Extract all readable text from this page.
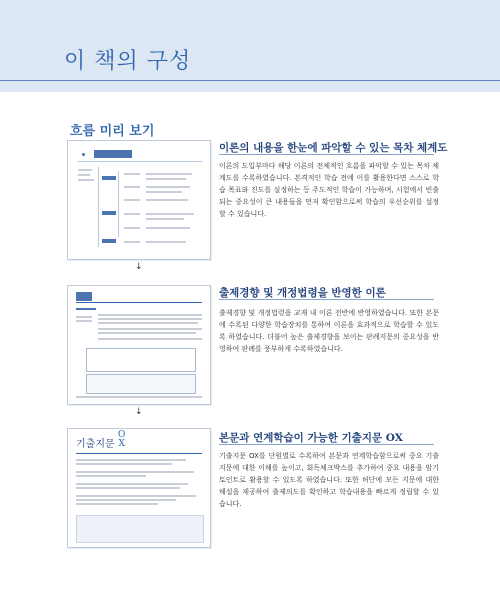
이 책의 구성
흐름 미리 보기
↓
↓
기출지문
O
X
이론의 내용을 한눈에 파악할 수 있는 목차 체계도
이론의 도입부마다 해당 이론의 전체적인 흐름을 파악할 수 있는 목차 체계도를 수록하였습니다. 본격적인 학습 전에 이를 활용한다면 스스로 학습 목표와 진도를 설정하는 등 주도적인 학습이 가능하며, 시험에서 빈출되는 중요성이 큰 내용들을 먼저 확인함으로써 학습의 우선순위를 설정할 수 있습니다.
출제경향 및 개정법령을 반영한 이론
출제경향 및 개정법령을 교재 내 이론 전반에 반영하였습니다. 또한 본문에 수록된 다양한 학습장치를 통하여 이론을 효과적으로 학습할 수 있도록 하였습니다. 더불어 높은 출제경향을 보이는 판례지문의 중요성을 반영하여 판례를 풍부하게 수록하였습니다.
본문과 연계학습이 가능한 기출지문 OX
기출지문 OX를 단원별로 수록하여 본문과 연계학습함으로써 중요 기출지문에 대한 이해를 높이고, 회독체크박스를 추가하여 중요 내용을 암기토인트로 활용할 수 있도록 하였습니다. 또한 허단에 모든 지문에 대한 해설을 제공하여 출제의도를 확인하고 학습내용을 빠르게 정립할 수 있습니다.
